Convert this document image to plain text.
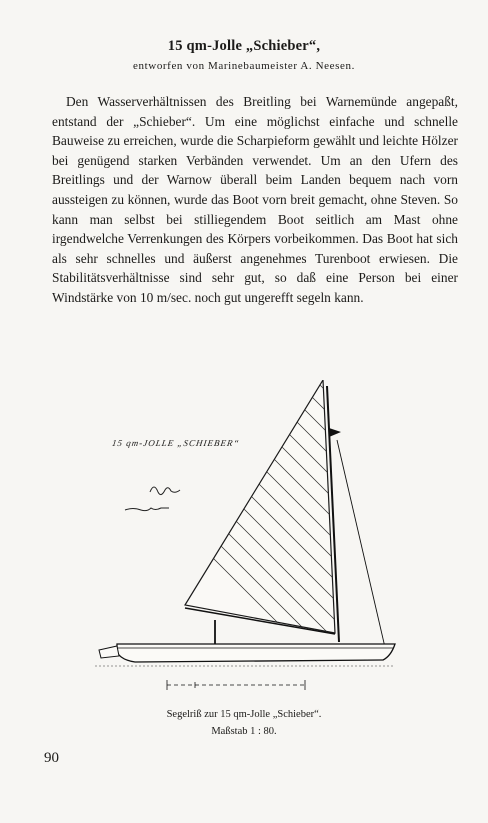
15 qm-Jolle „Schieber“,
entworfen von Marinebaumeister A. Neesen.

Den Wasserverhältnissen des Breitling bei Warnemünde angepaßt, entstand der „Schieber“. Um eine möglichst einfache und schnelle Bauweise zu erreichen, wurde die Scharpieform gewählt und leichte Hölzer bei genügend starken Verbänden verwendet. Um an den Ufern des Breitlings und der Warnow überall beim Landen bequem nach vorn aussteigen zu können, wurde das Boot vorn breit gemacht, ohne Steven. So kann man selbst bei stilliegendem Boot seitlich am Mast ohne irgendwelche Verrenkungen des Körpers vorbeikommen. Das Boot hat sich als sehr schnelles und äußerst angenehmes Turenboot erwiesen. Die Stabilitätsverhältnisse sind sehr gut, so daß eine Person bei einer Windstärke von 10 m/sec. noch gut ungerefft segeln kann.

15 qm-JOLLE „SCHIEBER“
Segelriß zur 15 qm-Jolle „Schieber“.
Maßstab 1 : 80.
90
